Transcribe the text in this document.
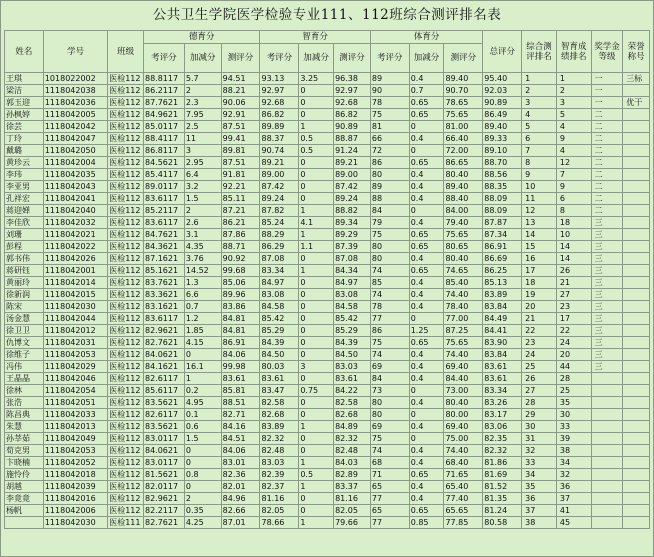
公共卫生学院医学检验专业111、112班综合测评排名表
姓名	学号	班级	德育分			智育分			体育分			总评分	综合测评排名	智育成绩排名	奖学金等级	荣誉称号
			考评分	加减分	测评分	考评分	加减分	测评分	考评分	加减分	测评分					
王琪	1018022002	医检112	88.8117	5.7	94.51	93.13	3.25	96.38	89	0.4	89.40	95.40	1	1	一	三标
梁洁	1118042038	医检112	86.2117	2	88.21	92.97	0	92.97	90	0.7	90.70	92.03	2	2	一	
郭玉迎	1118042036	医检112	87.7621	2.3	90.06	92.68	0	92.68	78	0.65	78.65	90.89	3	3	一	优干
孙枫婷	1118042005	医检112	84.9621	7.95	92.91	86.82	0	86.82	75	0.65	75.65	86.49	4	5	二	
徐芸	1118042042	医检112	85.0117	2.5	87.51	89.89	1	90.89	81	0	81.00	89.40	5	4	二	
丁玲	1118042047	医检112	88.4117	11	99.41	88.37	0.5	88.87	66	0.4	66.40	89.33	6	9	二	
戴璐	1118042050	医检112	86.8117	3	89.81	90.74	0.5	91.24	72	0	72.00	89.10	7	4	二	
黄珍云	1118042004	医检112	84.5621	2.95	87.51	89.21	0	89.21	86	0.65	86.65	88.70	8	12	二	
李玮	1118042035	医检112	85.4117	6.4	91.81	89.00	0	89.00	80	0.4	80.40	88.56	9	7	二	
李亚男	1118042043	医检112	89.0117	3.2	92.21	87.42	0	87.42	89	0.4	89.40	88.35	10	9	二	
孔祥宏	1118042041	医检112	83.6117	1.5	85.11	89.24	0	89.24	88	0.4	88.40	88.09	11	6	二	
蒋迎婵	1118042040	医检112	85.2117	2	87.21	87.82	1	88.82	84	0	84.00	88.09	12	8	二	
李佳欣	1118042032	医检112	83.6117	2.6	86.21	85.24	4.1	89.34	79	0.4	79.40	87.87	13	18	三	
刘珊	1118042021	医检112	84.7621	3.1	87.86	88.29	1	89.29	75	0.65	75.65	87.34	14	10	三	
彭程	1118042022	医检112	84.3621	4.35	88.71	86.29	1.1	87.39	80	0.65	80.65	86.91	15	14	三	
郭书伟	1118042026	医检112	87.1621	3.76	90.92	87.08	0	87.08	80	0.4	80.40	86.69	16	14	三	
蒋研钰	1118042001	医检112	85.1621	14.52	99.68	83.34	1	84.34	74	0.65	74.65	86.25	17	26	三	
黄丽玲	1118042014	医检112	83.7621	1.3	85.06	84.97	0	84.97	85	0.4	85.40	85.13	18	21	三	
徐新润	1118042015	医检112	83.3621	6.6	89.96	83.08	0	83.08	74	0.4	74.40	83.89	19	27	三	
陈宋	1118042030	医检112	83.1621	0.7	83.86	84.58	0	84.58	78	0.4	78.40	83.84	20	23	三	
汤金慧	1118042044	医检112	83.6117	1.2	84.81	85.42	0	85.42	77	0	77.00	84.49	21	17	三	
徐卫卫	1118042012	医检112	82.9621	1.85	84.81	85.29	0	85.29	86	1.25	87.25	84.41	22	22	三	
仇博文	1118042031	医检112	82.7621	4.15	86.91	84.39	0	84.39	75	0.65	75.65	83.90	23	24	三	
徐维子	1118042053	医检112	84.0621	0	84.06	84.50	0	84.50	74	0.4	74.40	83.84	24	20	三	
冯伟	1118042029	医检112	84.1621	16.1	99.98	80.03	3	83.03	69	0.4	69.40	83.61	25	44	三	
王晶晶	1118042046	医检112	82.6117	1	83.61	83.61	0	83.61	84	0.4	84.40	83.61	26	28		
徐林	1118042054	医检112	85.6117	0.2	85.81	83.47	0.75	84.22	73	0	73.00	83.34	27	25		
张浩	1118042051	医检112	83.5621	4.95	88.51	82.58	0	82.58	80	0.4	80.40	83.26	28	35		
陈昌典	1118042033	医检112	82.6117	0.1	82.71	82.68	0	82.68	80	0	80.00	83.17	29	30		
朱慧	1118042013	医检112	83.5621	0.6	84.16	83.89	1	84.89	69	0.4	69.40	83.06	30	33		
孙莘茹	1118042049	医检112	83.0117	1.5	84.51	82.32	0	82.32	75	0	75.00	82.35	31	39		
荀克男	1118042053	医检112	84.0621	0	84.06	82.48	0	82.48	74	0.4	74.40	82.32	32	38		
卞晓楠	1118042052	医检112	83.0117	0	83.01	83.03	1	84.03	68	0.4	68.40	81.86	33	34		
施怜伶	1118042018	医检112	81.5621	0.8	82.36	82.39	0.5	82.89	71	0.65	71.65	81.69	34	32		
胡越	1118042039	医检112	82.0117	0	82.01	82.37	1	83.37	65	0.4	65.40	81.52	35	36		
李竟竟	1118042016	医检112	82.9621	2	84.96	81.16	0	81.16	77	0.4	77.40	81.35	36	37		
杨帆	1118042006	医检112	82.2117	0.35	82.66	82.05	0	82.05	65	0.65	65.65	81.24	37	41		
	1118042030	医检111	82.7621	4.25	87.01	78.66	1	79.66	77	0.85	77.85	80.58	38	45		
